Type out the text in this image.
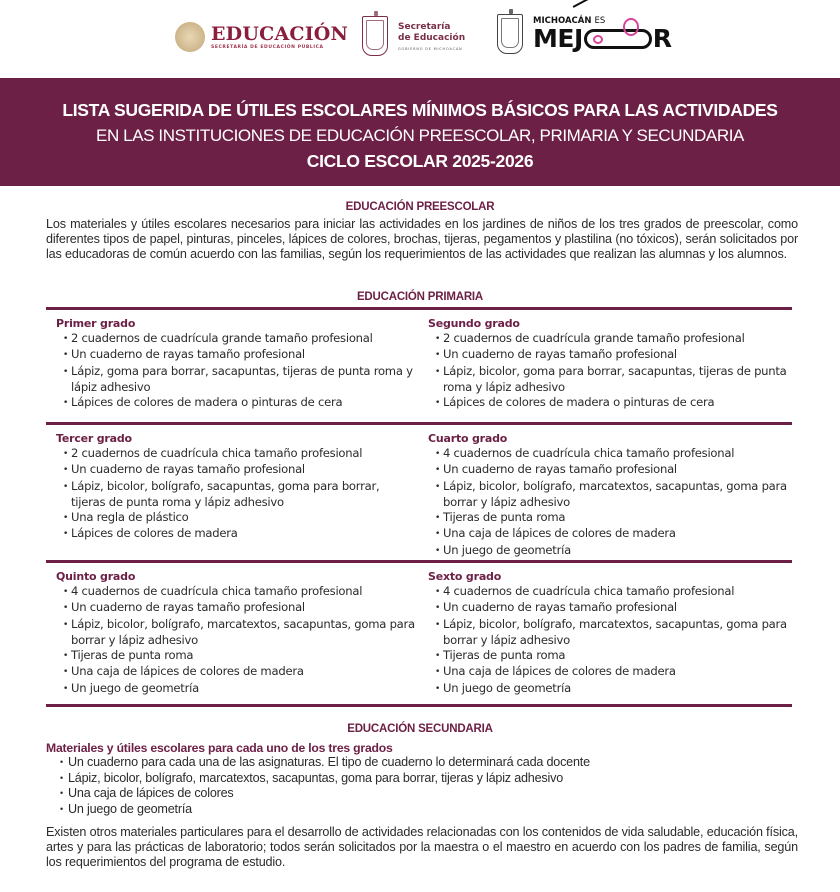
EDUCACIÓN
SECRETARÍA DE EDUCACIÓN PÚBLICA
Secretaría
de Educación
GOBIERNO DE MICHOACÁN
MICHOACÁN ES
MEJ	R
LISTA SUGERIDA DE ÚTILES ESCOLARES MÍNIMOS BÁSICOS PARA LAS ACTIVIDADES
EN LAS INSTITUCIONES DE EDUCACIÓN PREESCOLAR, PRIMARIA Y SECUNDARIA
CICLO ESCOLAR 2025-2026
EDUCACIÓN PREESCOLAR
Los materiales y útiles escolares necesarios para iniciar las actividades en los jardines de niños de los tres grados de preescolar, como diferentes tipos de papel, pinturas, pinceles, lápices de colores, brochas, tijeras, pegamentos y plastilina (no tóxicos), serán solicitados por las educadoras de común acuerdo con las familias, según los requerimientos de las actividades que realizan las alumnas y los alumnos.
EDUCACIÓN PRIMARIA
Primer grado
• 2 cuadernos de cuadrícula grande tamaño profesional
• Un cuaderno de rayas tamaño profesional
• Lápiz, goma para borrar, sacapuntas, tijeras de punta roma y lápiz adhesivo
• Lápices de colores de madera o pinturas de cera
Segundo grado
• 2 cuadernos de cuadrícula grande tamaño profesional
• Un cuaderno de rayas tamaño profesional
• Lápiz, bicolor, goma para borrar, sacapuntas, tijeras de punta roma y lápiz adhesivo
• Lápices de colores de madera o pinturas de cera
Tercer grado
• 2 cuadernos de cuadrícula chica tamaño profesional
• Un cuaderno de rayas tamaño profesional
• Lápiz, bicolor, bolígrafo, sacapuntas, goma para borrar, tijeras de punta roma y lápiz adhesivo
• Una regla de plástico
• Lápices de colores de madera
Cuarto grado
• 4 cuadernos de cuadrícula chica tamaño profesional
• Un cuaderno de rayas tamaño profesional
• Lápiz, bicolor, bolígrafo, marcatextos, sacapuntas, goma para borrar y lápiz adhesivo
• Tijeras de punta roma
• Una caja de lápices de colores de madera
• Un juego de geometría
Quinto grado
• 4 cuadernos de cuadrícula chica tamaño profesional
• Un cuaderno de rayas tamaño profesional
• Lápiz, bicolor, bolígrafo, marcatextos, sacapuntas, goma para borrar y lápiz adhesivo
• Tijeras de punta roma
• Una caja de lápices de colores de madera
• Un juego de geometría
Sexto grado
• 4 cuadernos de cuadrícula chica tamaño profesional
• Un cuaderno de rayas tamaño profesional
• Lápiz, bicolor, bolígrafo, marcatextos, sacapuntas, goma para borrar y lápiz adhesivo
• Tijeras de punta roma
• Una caja de lápices de colores de madera
• Un juego de geometría
EDUCACIÓN SECUNDARIA
Materiales y útiles escolares para cada uno de los tres grados
• Un cuaderno para cada una de las asignaturas. El tipo de cuaderno lo determinará cada docente
• Lápiz, bicolor, bolígrafo, marcatextos, sacapuntas, goma para borrar, tijeras y lápiz adhesivo
• Una caja de lápices de colores
• Un juego de geometría
Existen otros materiales particulares para el desarrollo de actividades relacionadas con los contenidos de vida saludable, educación física, artes y para las prácticas de laboratorio; todos serán solicitados por la maestra o el maestro en acuerdo con los padres de familia, según los requerimientos del programa de estudio.
